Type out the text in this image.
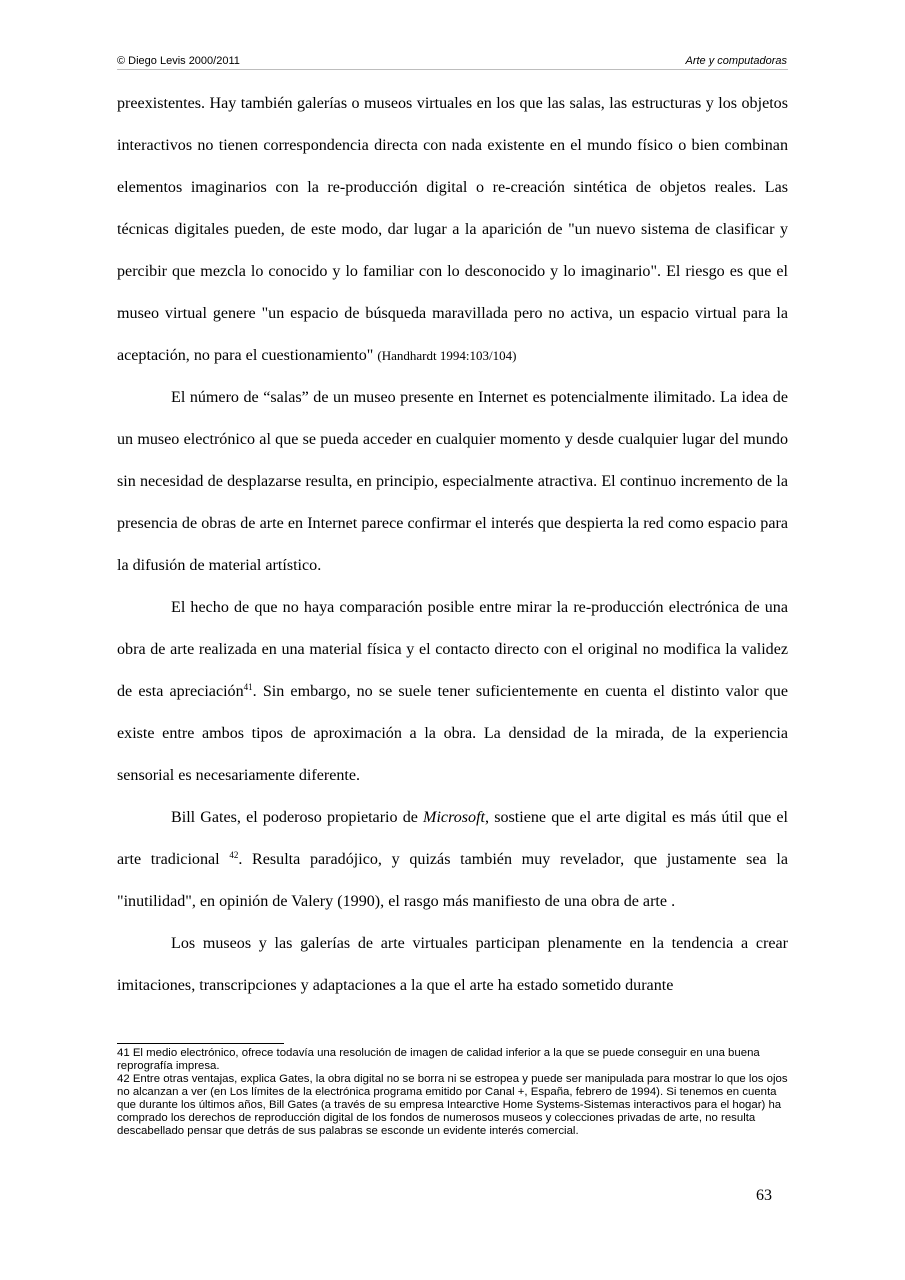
© Diego Levis 2000/2011	Arte y computadoras

preexistentes. Hay también galerías o museos virtuales en los que las salas, las estructuras y los objetos interactivos no tienen correspondencia directa con nada existente en el mundo físico o bien combinan elementos imaginarios con la re-producción digital o re-creación sintética de objetos reales. Las técnicas digitales pueden, de este modo, dar lugar a la aparición de "un nuevo sistema de clasificar y percibir que mezcla lo conocido y lo familiar con lo desconocido y lo imaginario". El riesgo es que el museo virtual genere "un espacio de búsqueda maravillada pero no activa, un espacio virtual para la aceptación, no para el cuestionamiento" (Handhardt 1994:103/104)

El número de “salas” de un museo presente en Internet es potencialmente ilimitado. La idea de un museo electrónico al que se pueda acceder en cualquier momento y desde cualquier lugar del mundo sin necesidad de desplazarse resulta, en principio, especialmente atractiva. El continuo incremento de la presencia de obras de arte en Internet parece confirmar el interés que despierta la red como espacio para la difusión de material artístico.

El hecho de que no haya comparación posible entre mirar la re-producción electrónica de una obra de arte realizada en una material física y el contacto directo con el original no modifica la validez de esta apreciación$^{41}$. Sin embargo, no se suele tener suficientemente en cuenta el distinto valor que existe entre ambos tipos de aproximación a la obra. La densidad de la mirada, de la experiencia sensorial es necesariamente diferente.

Bill Gates, el poderoso propietario de Microsoft, sostiene que el arte digital es más útil que el arte tradicional $^{42}$. Resulta paradójico, y quizás también muy revelador, que justamente sea la "inutilidad", en opinión de Valery (1990), el rasgo más manifiesto de una obra de arte .

Los museos y las galerías de arte virtuales participan plenamente en la tendencia a crear imitaciones, transcripciones y adaptaciones a la que el arte ha estado sometido durante

41 El medio electrónico, ofrece todavía una resolución de imagen de calidad inferior a la que se puede conseguir en una buena reprografía impresa.

42 Entre otras ventajas, explica Gates, la obra digital no se borra ni se estropea y puede ser manipulada para mostrar lo que los ojos no alcanzan a ver (en Los límites de la electrónica programa emitido por Canal +, España, febrero de 1994). Si tenemos en cuenta que durante los últimos años, Bill Gates (a través de su empresa Intearctive Home Systems-Sistemas interactivos para el hogar) ha comprado los derechos de reproducción digital de los fondos de numerosos museos y colecciones privadas de arte, no resulta descabellado pensar que detrás de sus palabras se esconde un evidente interés comercial.

63
